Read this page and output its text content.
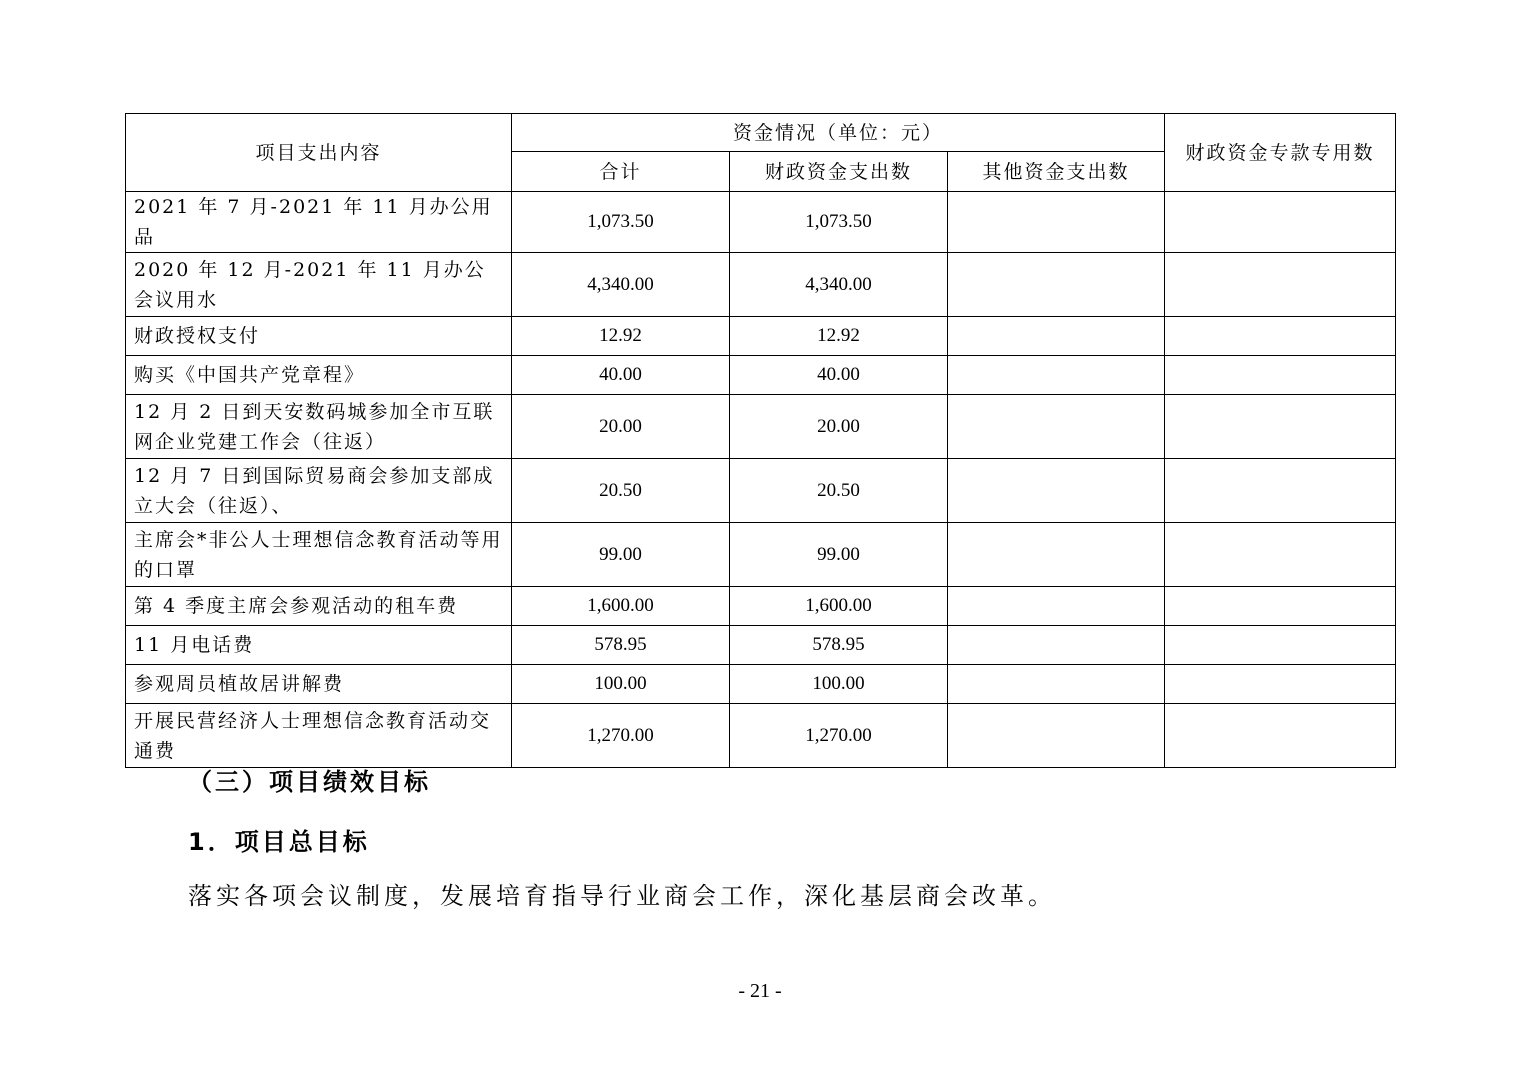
项目支出内容	资金情况（单位：元）			财政资金专款专用数
	合计	财政资金支出数	其他资金支出数	
2021 年 7 月-2021 年 11 月办公用品	1,073.50	1,073.50		
2020 年 12 月-2021 年 11 月办公会议用水	4,340.00	4,340.00		
财政授权支付	12.92	12.92		
购买《中国共产党章程》	40.00	40.00		
12 月 2 日到天安数码城参加全市互联网企业党建工作会（往返）	20.00	20.00		
12 月 7 日到国际贸易商会参加支部成立大会（往返）、	20.50	20.50		
主席会*非公人士理想信念教育活动等用的口罩	99.00	99.00		
第 4 季度主席会参观活动的租车费	1,600.00	1,600.00		
11 月电话费	578.95	578.95		
参观周员植故居讲解费	100.00	100.00		
开展民营经济人士理想信念教育活动交通费	1,270.00	1,270.00		
（三）项目绩效目标
1．项目总目标

落实各项会议制度，发展培育指导行业商会工作，深化基层商会改革。

- 21 -
